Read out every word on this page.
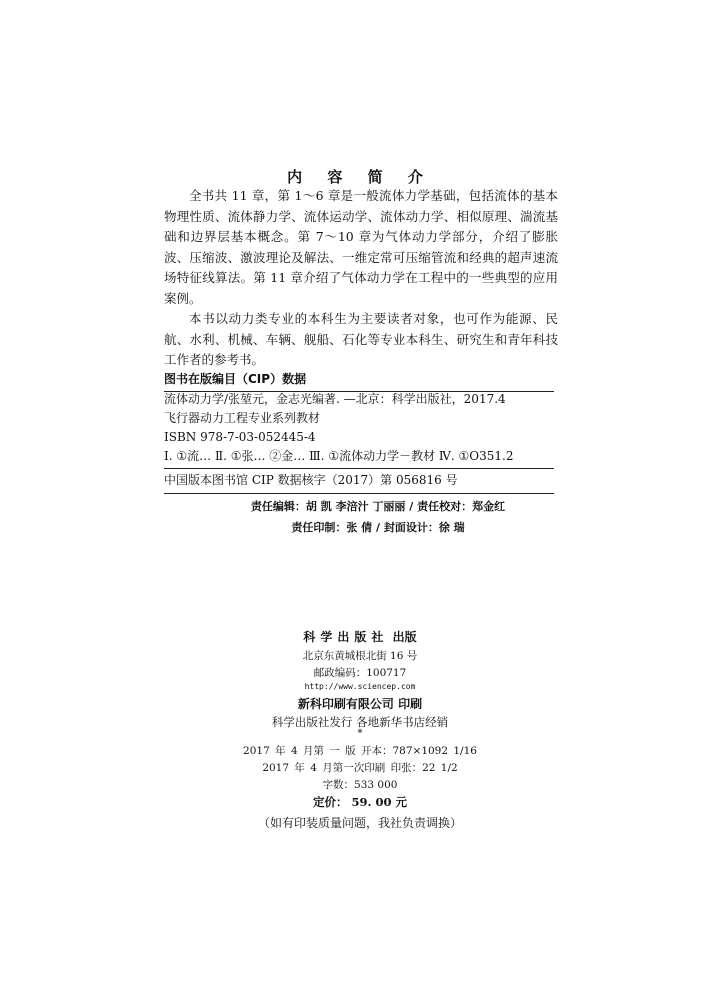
内 容 简 介

全书共 11 章，第 1～6 章是一般流体力学基础，包括流体的基本物理性质、流体静力学、流体运动学、流体动力学、相似原理、湍流基础和边界层基本概念。第 7～10 章为气体动力学部分，介绍了膨胀波、压缩波、激波理论及解法、一维定常可压缩管流和经典的超声速流场特征线算法。第 11 章介绍了气体动力学在工程中的一些典型的应用案例。

本书以动力类专业的本科生为主要读者对象，也可作为能源、民航、水利、机械、车辆、舰船、石化等专业本科生、研究生和青年科技工作者的参考书。

图书在版编目（CIP）数据
流体动力学/张堃元，金志光编著. —北京：科学出版社，2017.4
飞行器动力工程专业系列教材
ISBN 978-7-03-052445-4
Ⅰ. ①流… Ⅱ. ①张… ②金… Ⅲ. ①流体动力学－教材 Ⅳ. ①O351.2
中国版本图书馆 CIP 数据核字（2017）第 056816 号
责任编辑：胡 凯 李涪汁 丁丽丽 / 责任校对：郑金红
责任印制：张 倩 / 封面设计：徐 瑞
科学出版社 出版
北京东黄城根北街 16 号
邮政编码：100717
http://www.sciencep.com
新科印刷有限公司 印刷
科学出版社发行 各地新华书店经销
*
2017 年 4 月第 一 版 开本：787×1092 1/16
2017 年 4 月第一次印刷 印张：22 1/2
字数：533 000
定价： 59. 00 元
（如有印装质量问题，我社负责调换）
